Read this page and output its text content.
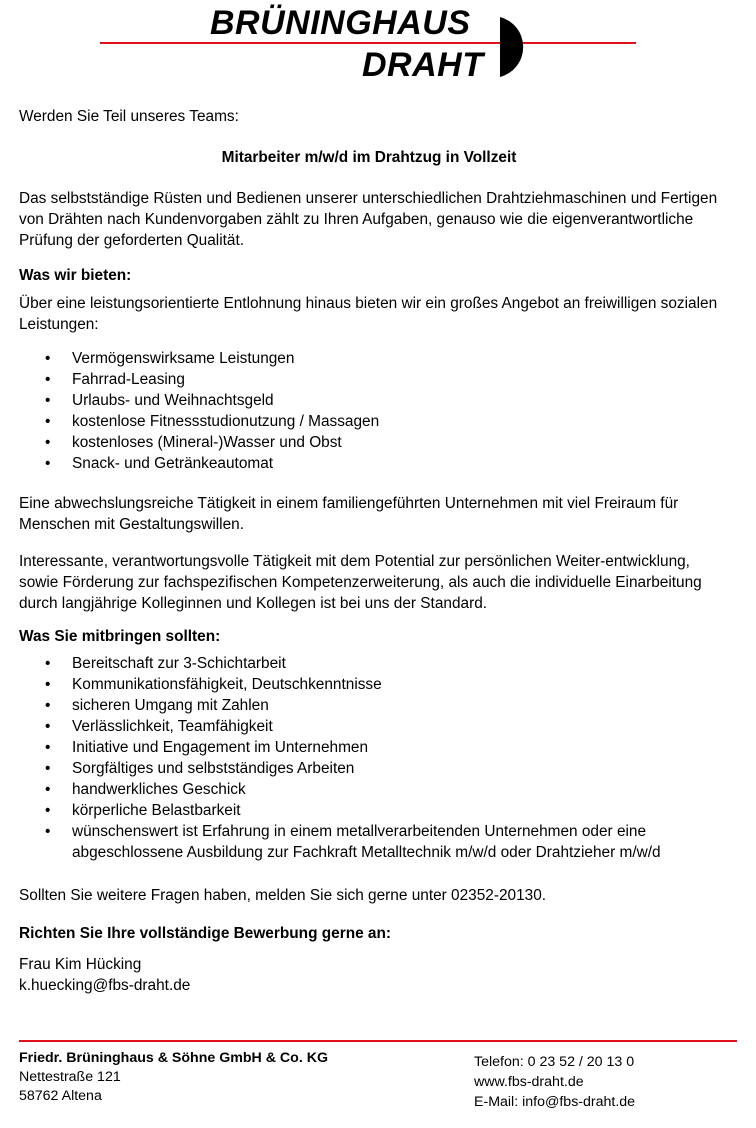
BRÜNINGHAUS
DRAHT

Werden Sie Teil unseres Teams:

Mitarbeiter m/w/d im Drahtzug in Vollzeit

Das selbstständige Rüsten und Bedienen unserer unterschiedlichen Drahtziehmaschinen und Fertigen von Drähten nach Kundenvorgaben zählt zu Ihren Aufgaben, genauso wie die eigenverantwortliche Prüfung der geforderten Qualität.

Was wir bieten:

Über eine leistungsorientierte Entlohnung hinaus bieten wir ein großes Angebot an freiwilligen sozialen Leistungen:

• Vermögenswirksame Leistungen
• Fahrrad-Leasing
• Urlaubs- und Weihnachtsgeld
• kostenlose Fitnessstudionutzung / Massagen
• kostenloses (Mineral-)Wasser und Obst
• Snack- und Getränkeautomat

Eine abwechslungsreiche Tätigkeit in einem familiengeführten Unternehmen mit viel Freiraum für Menschen mit Gestaltungswillen.

Interessante, verantwortungsvolle Tätigkeit mit dem Potential zur persönlichen Weiter-entwicklung, sowie Förderung zur fachspezifischen Kompetenzerweiterung, als auch die individuelle Einarbeitung durch langjährige Kolleginnen und Kollegen ist bei uns der Standard.

Was Sie mitbringen sollten:

• Bereitschaft zur 3-Schichtarbeit
• Kommunikationsfähigkeit, Deutschkenntnisse
• sicheren Umgang mit Zahlen
• Verlässlichkeit, Teamfähigkeit
• Initiative und Engagement im Unternehmen
• Sorgfältiges und selbstständiges Arbeiten
• handwerkliches Geschick
• körperliche Belastbarkeit
• wünschenswert ist Erfahrung in einem metallverarbeitenden Unternehmen oder eine abgeschlossene Ausbildung zur Fachkraft Metalltechnik m/w/d oder Drahtzieher m/w/d

Sollten Sie weitere Fragen haben, melden Sie sich gerne unter 02352-20130.

Richten Sie Ihre vollständige Bewerbung gerne an:

Frau Kim Hücking

k.huecking@fbs-draht.de

Friedr. Brüninghaus & Söhne GmbH & Co. KG
Nettestraße 121
58762 Altena
Telefon: 0 23 52 / 20 13 0
www.fbs-draht.de
E-Mail: info@fbs-draht.de
